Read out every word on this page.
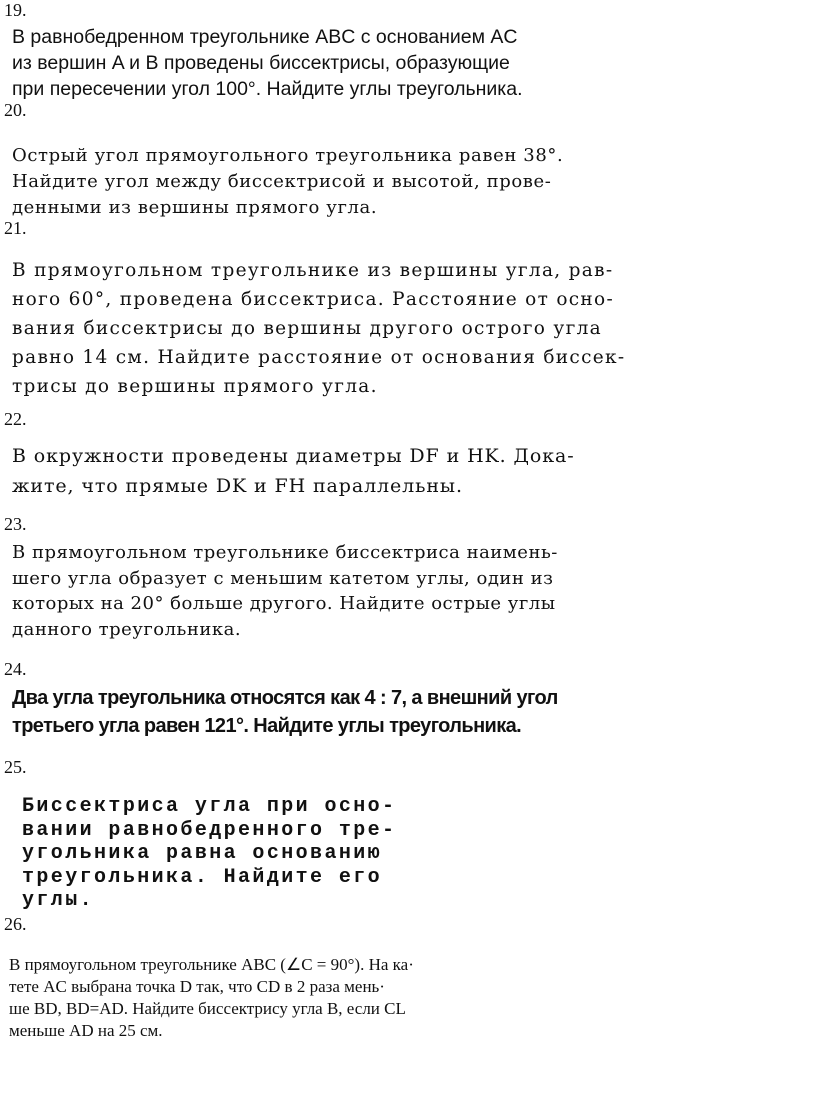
19.
В равнобедренном треугольнике ABC с основанием AC
из вершин A и B проведены биссектрисы, образующие
при пересечении угол 100°. Найдите углы треугольника.
20.
Острый угол прямоугольного треугольника равен 38°.
Найдите угол между биссектрисой и высотой, прове-
денными из вершины прямого угла.
21.
В прямоугольном треугольнике из вершины угла, рав-
ного 60°, проведена биссектриса. Расстояние от осно-
вания биссектрисы до вершины другого острого угла
равно 14 см. Найдите расстояние от основания биссек-
трисы до вершины прямого угла.
22.
В окружности проведены диаметры DF и HK. Дока-
жите, что прямые DK и FH параллельны.
23.
В прямоугольном треугольнике биссектриса наимень-
шего угла образует с меньшим катетом углы, один из
которых на 20° больше другого. Найдите острые углы
данного треугольника.
24.
Два угла треугольника относятся как 4 : 7, а внешний угол
третьего угла равен 121°. Найдите углы треугольника.
25.
Биссектриса угла при осно-
вании равнобедренного тре-
угольника равна основанию
треугольника. Найдите его
углы.
26.
В прямоугольном треугольнике ABC (∠C = 90°). На ка·
тете AC выбрана точка D так, что CD в 2 раза мень·
ше BD, BD=AD. Найдите биссектрису угла B, если CL
меньше AD на 25 см.
